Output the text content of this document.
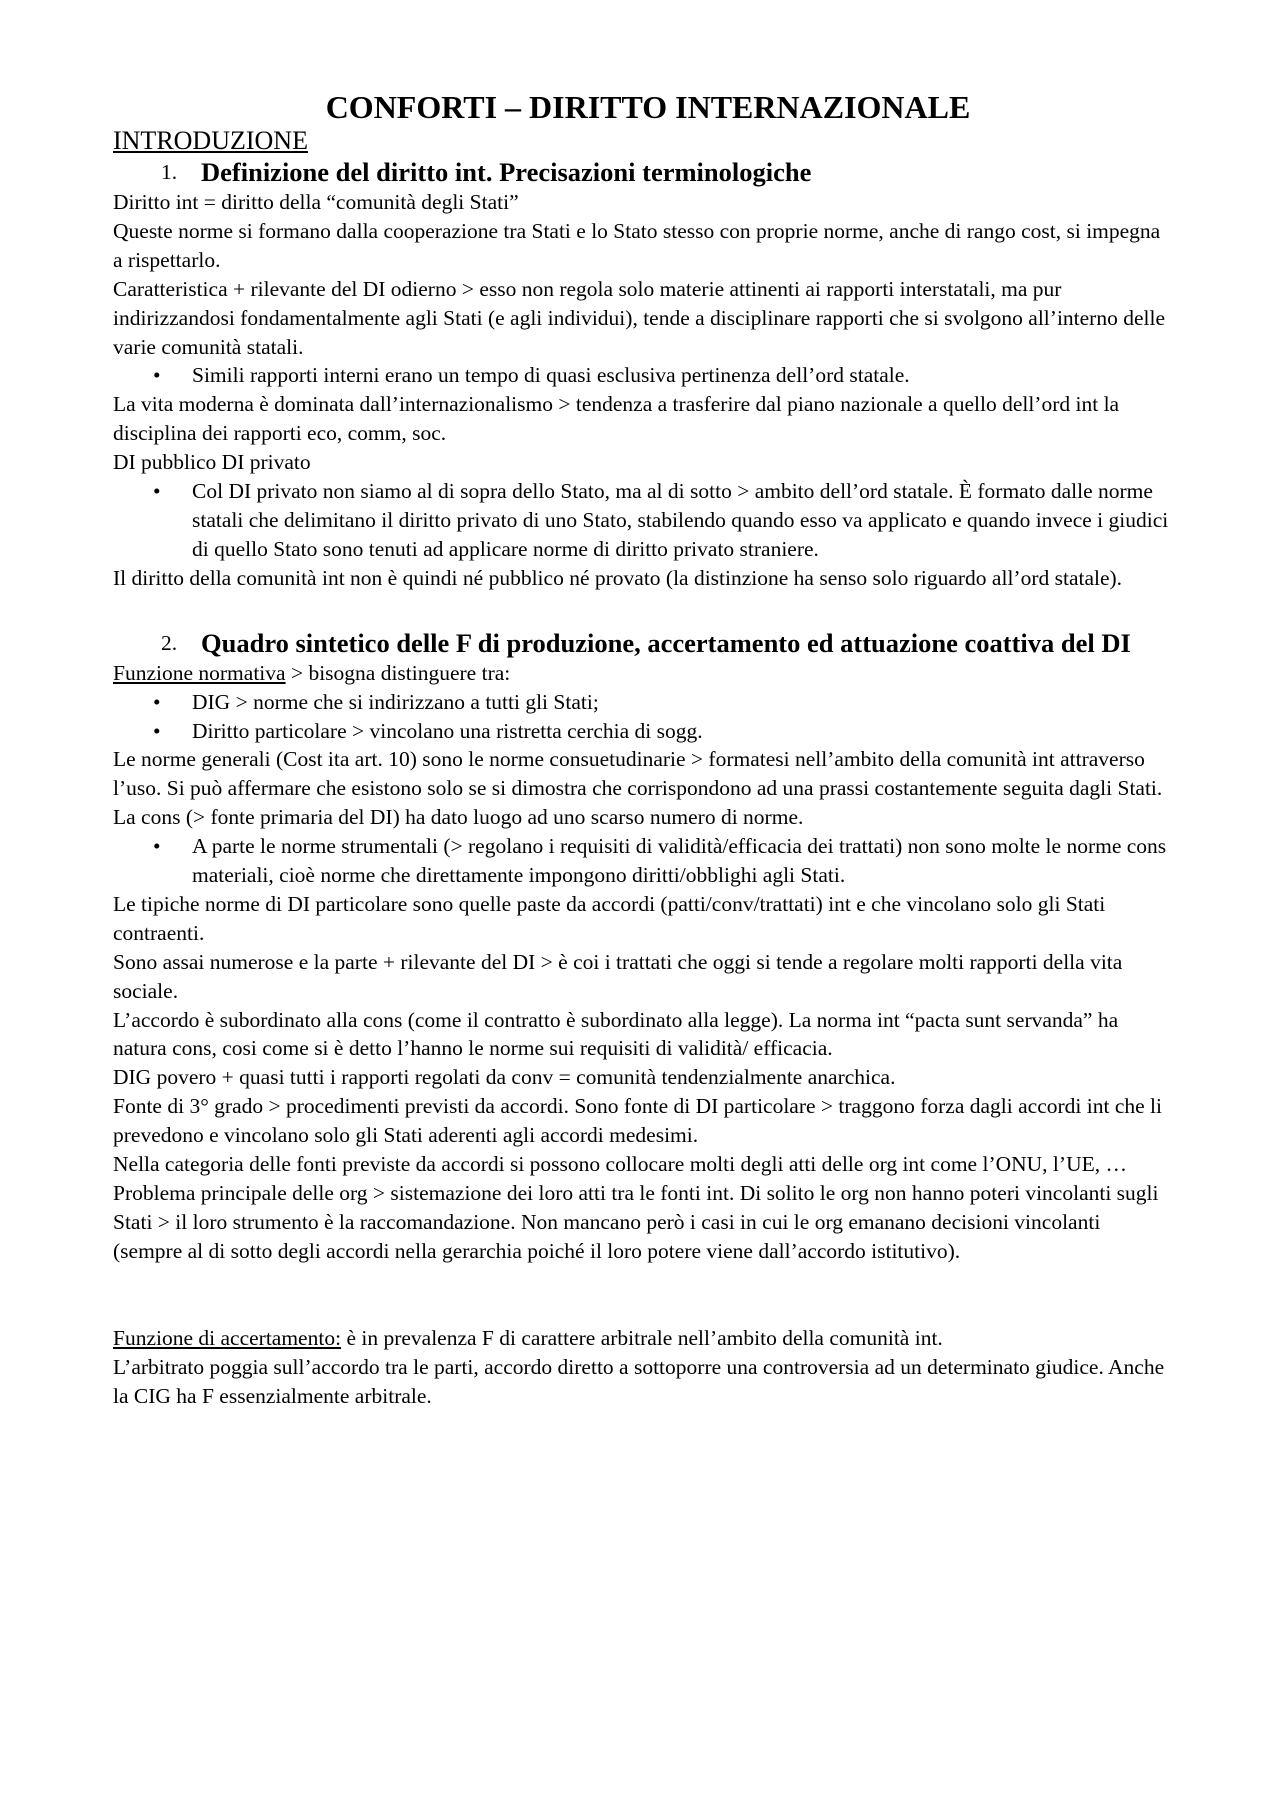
CONFORTI – DIRITTO INTERNAZIONALE
INTRODUZIONE
1. Definizione del diritto int. Precisazioni terminologiche

Diritto int = diritto della “comunità degli Stati”

Queste norme si formano dalla cooperazione tra Stati e lo Stato stesso con proprie norme, anche di rango cost, si impegna a rispettarlo.

Caratteristica + rilevante del DI odierno > esso non regola solo materie attinenti ai rapporti interstatali, ma pur indirizzandosi fondamentalmente agli Stati (e agli individui), tende a disciplinare rapporti che si svolgono all’interno delle varie comunità statali.

• Simili rapporti interni erano un tempo di quasi esclusiva pertinenza dell’ord statale.

La vita moderna è dominata dall’internazionalismo > tendenza a trasferire dal piano nazionale a quello dell’ord int la disciplina dei rapporti eco, comm, soc.

DI pubblico DI privato

• Col DI privato non siamo al di sopra dello Stato, ma al di sotto > ambito dell’ord statale. È formato dalle norme statali che delimitano il diritto privato di uno Stato, stabilendo quando esso va applicato e quando invece i giudici di quello Stato sono tenuti ad applicare norme di diritto privato straniere.

Il diritto della comunità int non è quindi né pubblico né provato (la distinzione ha senso solo riguardo all’ord statale).

2. Quadro sintetico delle F di produzione, accertamento ed attuazione coattiva del DI

Funzione normativa > bisogna distinguere tra:

• DIG > norme che si indirizzano a tutti gli Stati;
• Diritto particolare > vincolano una ristretta cerchia di sogg.

Le norme generali (Cost ita art. 10) sono le norme consuetudinarie > formatesi nell’ambito della comunità int attraverso l’uso. Si può affermare che esistono solo se si dimostra che corrispondono ad una prassi costantemente seguita dagli Stati.

La cons (> fonte primaria del DI) ha dato luogo ad uno scarso numero di norme.

• A parte le norme strumentali (> regolano i requisiti di validità/efficacia dei trattati) non sono molte le norme cons materiali, cioè norme che direttamente impongono diritti/obblighi agli Stati.

Le tipiche norme di DI particolare sono quelle paste da accordi (patti/conv/trattati) int e che vincolano solo gli Stati contraenti.

Sono assai numerose e la parte + rilevante del DI > è coi i trattati che oggi si tende a regolare molti rapporti della vita sociale.

L’accordo è subordinato alla cons (come il contratto è subordinato alla legge). La norma int “pacta sunt servanda” ha natura cons, cosi come si è detto l’hanno le norme sui requisiti di validità/ efficacia.

DIG povero + quasi tutti i rapporti regolati da conv = comunità tendenzialmente anarchica.

Fonte di 3° grado > procedimenti previsti da accordi. Sono fonte di DI particolare > traggono forza dagli accordi int che li prevedono e vincolano solo gli Stati aderenti agli accordi medesimi.

Nella categoria delle fonti previste da accordi si possono collocare molti degli atti delle org int come l’ONU, l’UE, …

Problema principale delle org > sistemazione dei loro atti tra le fonti int. Di solito le org non hanno poteri vincolanti sugli Stati > il loro strumento è la raccomandazione. Non mancano però i casi in cui le org emanano decisioni vincolanti (sempre al di sotto degli accordi nella gerarchia poiché il loro potere viene dall’accordo istitutivo).

Funzione di accertamento: è in prevalenza F di carattere arbitrale nell’ambito della comunità int.

L’arbitrato poggia sull’accordo tra le parti, accordo diretto a sottoporre una controversia ad un determinato giudice. Anche la CIG ha F essenzialmente arbitrale.
